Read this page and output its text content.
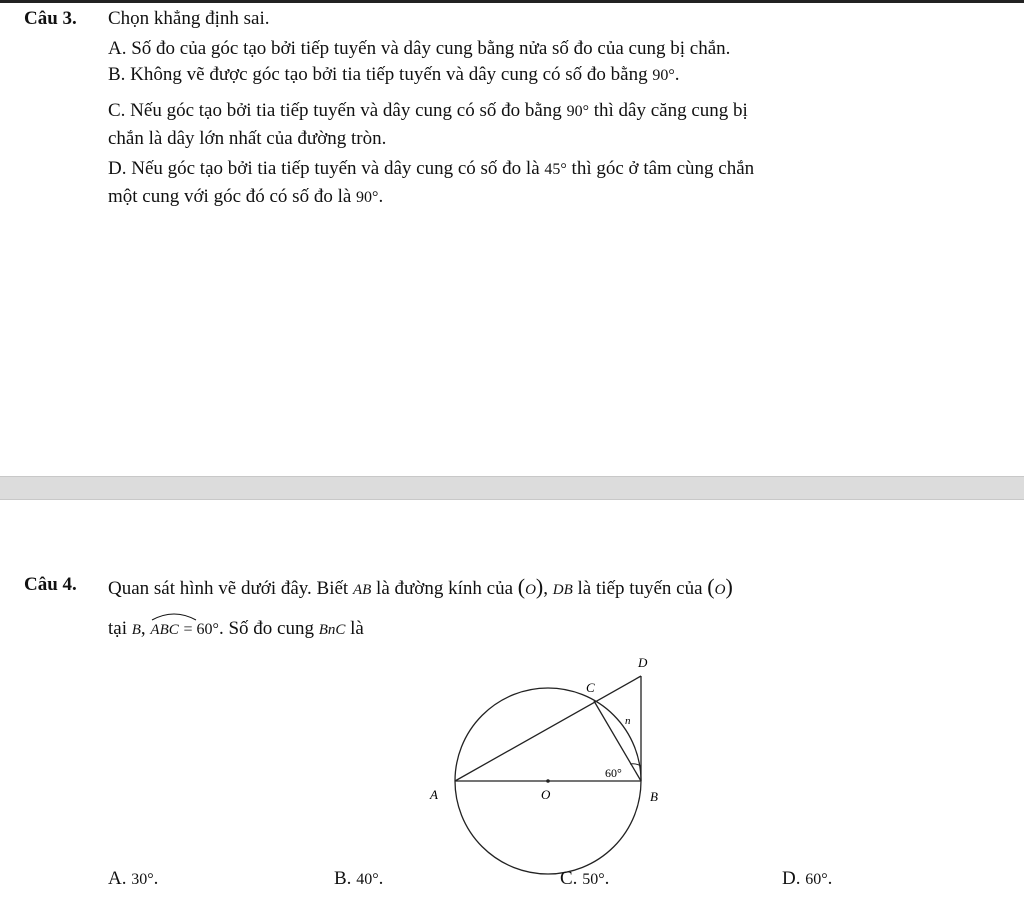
Câu 3. Chọn khẳng định sai.
A. Số đo của góc tạo bởi tiếp tuyến và dây cung bằng nửa số đo của cung bị chắn.
B. Không vẽ được góc tạo bởi tia tiếp tuyến và dây cung có số đo bằng 90°.
C. Nếu góc tạo bởi tia tiếp tuyến và dây cung có số đo bằng 90° thì dây căng cung bị
chắn là dây lớn nhất của đường tròn.
D. Nếu góc tạo bởi tia tiếp tuyến và dây cung có số đo là 45° thì góc ở tâm cùng chắn
một cung với góc đó có số đo là 90°.
Câu 4. Quan sát hình vẽ dưới đây. Biết AB là đường kính của (O), DB là tiếp tuyến của (O)
tại B, ABC = 60°. Số đo cung BnC là
D
C
n
60°
A	O	B
A. 30°.	B. 40°.	C. 50°.	D. 60°.
